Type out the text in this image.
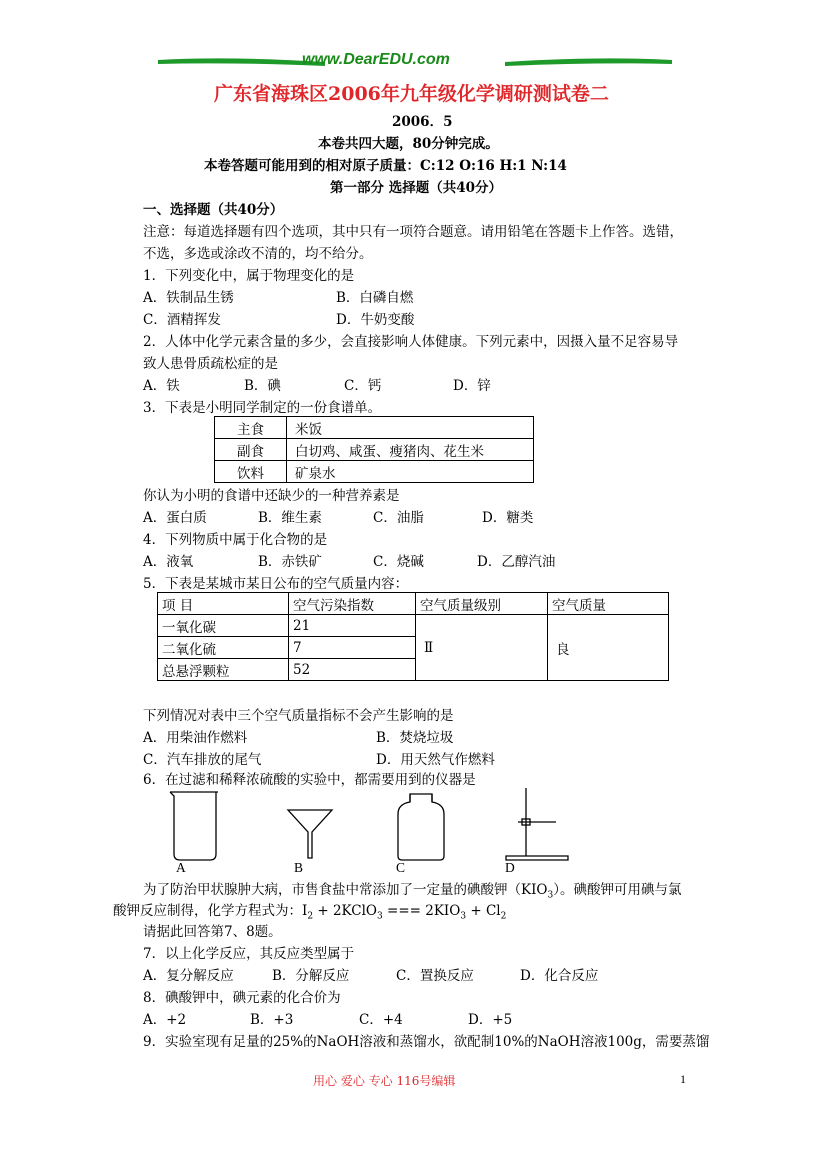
www.DearEDU.com
广东省海珠区2006年九年级化学调研测试卷二
2006．5
本卷共四大题，80分钟完成。
本卷答题可能用到的相对原子质量：C:12 O:16 H:1 N:14
第一部分 选择题（共40分）
一、选择题（共40分）
注意：每道选择题有四个选项，其中只有一项符合题意。请用铅笔在答题卡上作答。选错，
不选，多选或涂改不清的，均不给分。
1．下列变化中，属于物理变化的是
A．铁制品生锈	B．白磷自燃
C．酒精挥发	D．牛奶变酸
2．人体中化学元素含量的多少，会直接影响人体健康。下列元素中，因摄入量不足容易导
致人患骨质疏松症的是
A．铁	B．碘	C．钙	D．锌
3．下表是小明同学制定的一份食谱单。
主食	米饭
副食	白切鸡、咸蛋、瘦猪肉、花生米
饮料	矿泉水
你认为小明的食谱中还缺少的一种营养素是
A．蛋白质	B．维生素	C．油脂	D．糖类
4．下列物质中属于化合物的是
A．液氧	B．赤铁矿	C．烧碱	D．乙醇汽油
5．下表是某城市某日公布的空气质量内容：
项 目	空气污染指数	空气质量级别	空气质量
一氧化碳	21	Ⅱ	良
二氧化硫	7		
总悬浮颗粒	52		
下列情况对表中三个空气质量指标不会产生影响的是
A．用柴油作燃料	B．焚烧垃圾
C．汽车排放的尾气	D．用天然气作燃料
6．在过滤和稀释浓硫酸的实验中，都需要用到的仪器是
A	B	C	D
为了防治甲状腺肿大病，市售食盐中常添加了一定量的碘酸钾$(KIO_3)$。碘酸钾可用碘与氯
酸钾反应制得，化学方程式为：$I_2$ + 2KClO$_3$ === $2KIO_3 + Cl_2$
请据此回答第7、8题。
7．以上化学反应，其反应类型属于
A．复分解反应	B．分解反应	C．置换反应	D．化合反应
8．碘酸钾中，碘元素的化合价为
A．+2	B．+3	C．+4	D．+5
9．实验室现有足量的25%的NaOH溶液和蒸馏水，欲配制10%的NaOH溶液100g，需要蒸馏
用心 爱心 专心 116号编辑	1
